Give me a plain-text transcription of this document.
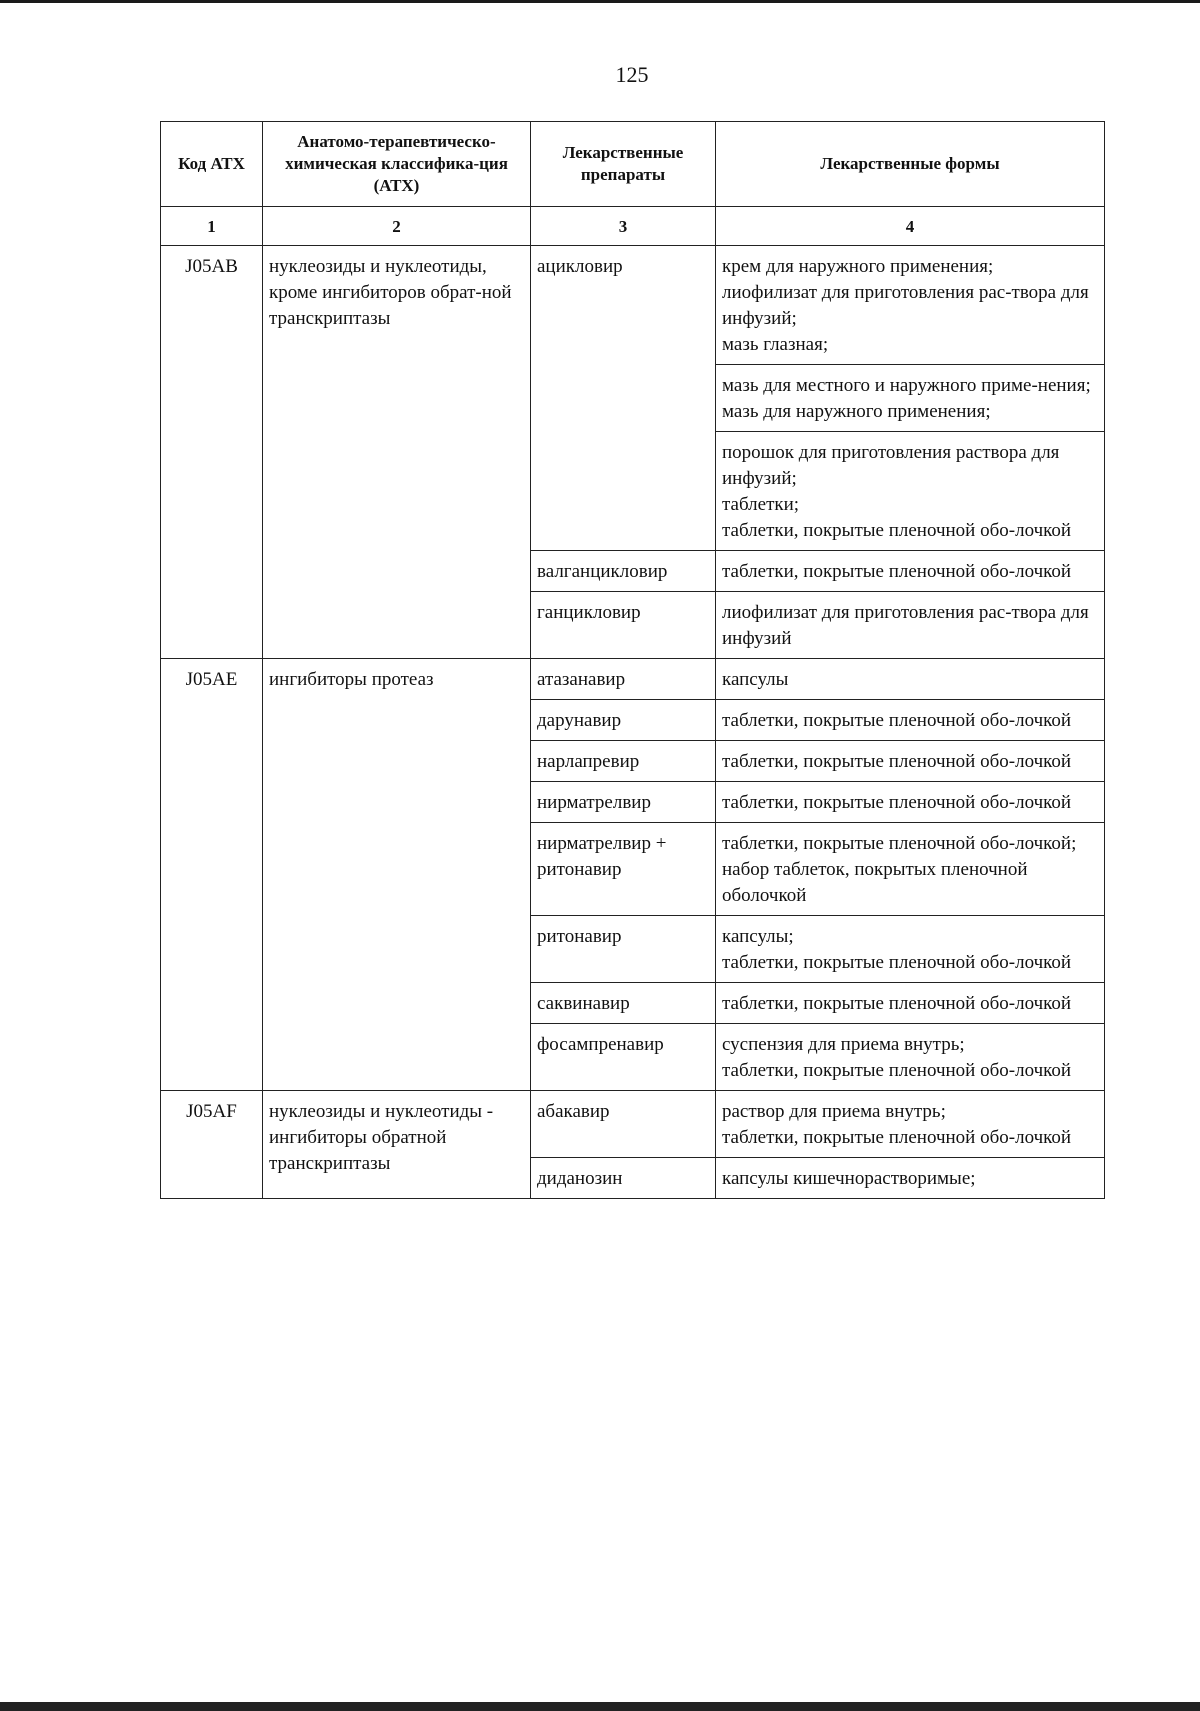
125
Код АТХ	Анатомо-терапевтическо-химическая классифика-ция (АТХ)	Лекарственные препараты	Лекарственные формы
1	2	3	4
J05AB	нуклеозиды и нуклеотиды, кроме ингибиторов обрат-ной транскриптазы	ацикловир	крем для наружного применения;
лиофилизат для приготовления рас-твора для инфузий;
мазь глазная;

			мазь для местного и наружного приме-нения;
мазь для наружного применения;

			порошок для приготовления раствора для инфузий;
таблетки;
таблетки, покрытые пленочной обо-лочкой

		валганцикловир	таблетки, покрытые пленочной обо-лочкой

		ганцикловир	лиофилизат для приготовления рас-твора для инфузий

J05AE	ингибиторы протеаз	атазанавир	капсулы

		дарунавир	таблетки, покрытые пленочной обо-лочкой

		нарлапревир	таблетки, покрытые пленочной обо-лочкой

		нирматрелвир	таблетки, покрытые пленочной обо-лочкой

		нирматрелвир + ритонавир	таблетки, покрытые пленочной обо-лочкой;
набор таблеток, покрытых пленочной оболочкой

		ритонавир	капсулы;
таблетки, покрытые пленочной обо-лочкой

		саквинавир	таблетки, покрытые пленочной обо-лочкой

		фосампренавир	суспензия для приема внутрь;
таблетки, покрытые пленочной обо-лочкой

J05AF	нуклеозиды и нуклеотиды - ингибиторы обратной транскриптазы	абакавир	раствор для приема внутрь;
таблетки, покрытые пленочной обо-лочкой

		диданозин	капсулы кишечнорастворимые;
